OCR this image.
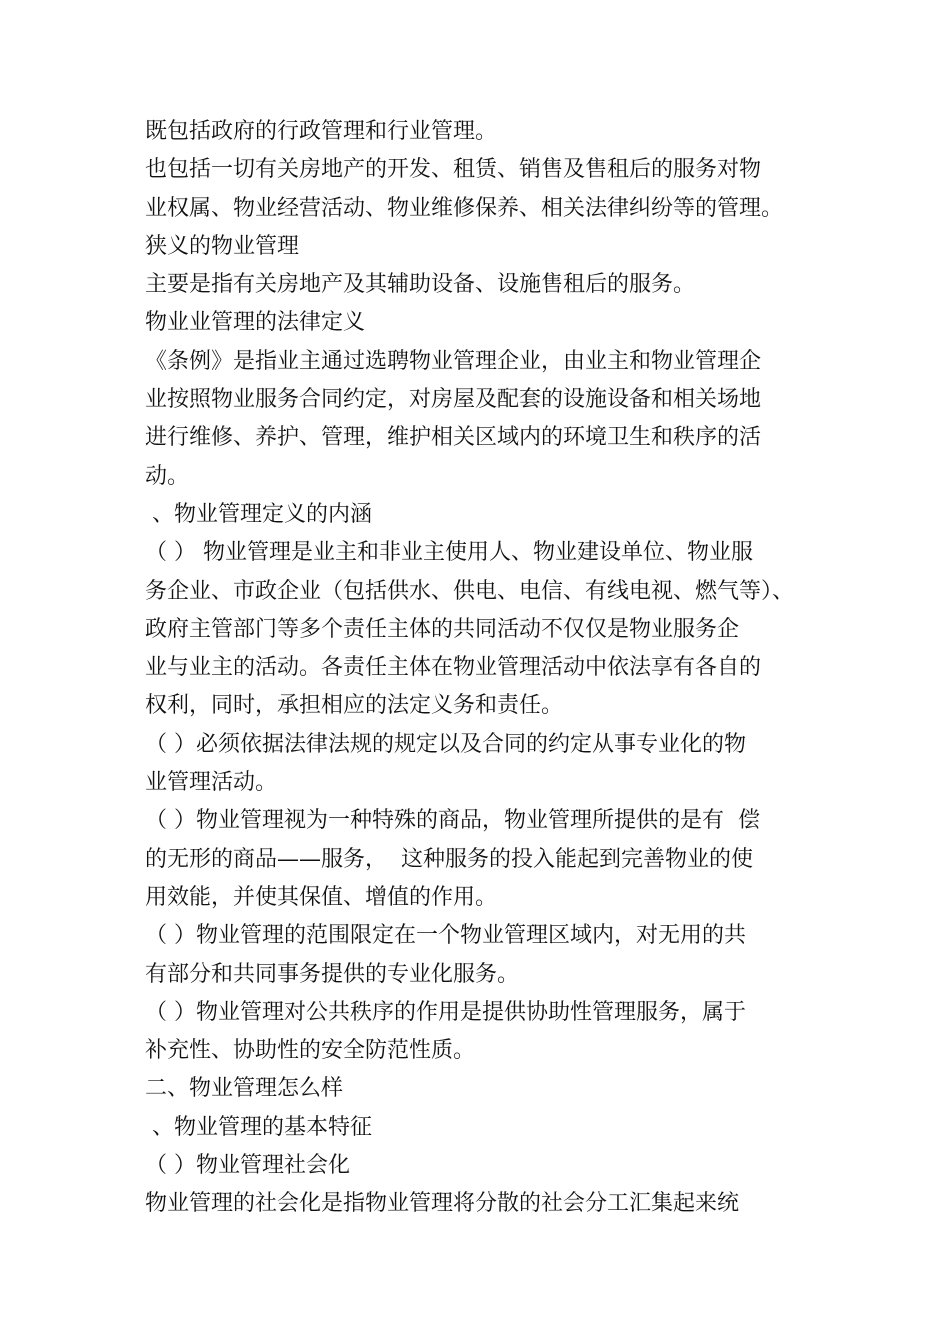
既包括政府的行政管理和行业管理。
也包括一切有关房地产的开发、租赁、销售及售租后的服务对物
业权属、物业经营活动、物业维修保养、相关法律纠纷等的管理。
狭义的物业管理
主要是指有关房地产及其辅助设备、设施售租后的服务。
物业业管理的法律定义
《条例》是指业主通过选聘物业管理企业，由业主和物业管理企
业按照物业服务合同约定，对房屋及配套的设施设备和相关场地
进行维修、养护、管理，维护相关区域内的环境卫生和秩序的活
动。
、物业管理定义的内涵
（ ） 物业管理是业主和非业主使用人、物业建设单位、物业服
务企业、市政企业（包括供水、供电、电信、有线电视、燃气等）、
政府主管部门等多个责任主体的共同活动不仅仅是物业服务企
业与业主的活动。各责任主体在物业管理活动中依法享有各自的
权利，同时，承担相应的法定义务和责任。
（ ）必须依据法律法规的规定以及合同的约定从事专业化的物
业管理活动。
（ ）物业管理视为一种特殊的商品，物业管理所提供的是有  偿
的无形的商品——服务，  这种服务的投入能起到完善物业的使
用效能，并使其保值、增值的作用。
（ ）物业管理的范围限定在一个物业管理区域内，对无用的共
有部分和共同事务提供的专业化服务。
（ ）物业管理对公共秩序的作用是提供协助性管理服务，属于
补充性、协助性的安全防范性质。
二、物业管理怎么样
、物业管理的基本特征
（ ）物业管理社会化
物业管理的社会化是指物业管理将分散的社会分工汇集起来统
